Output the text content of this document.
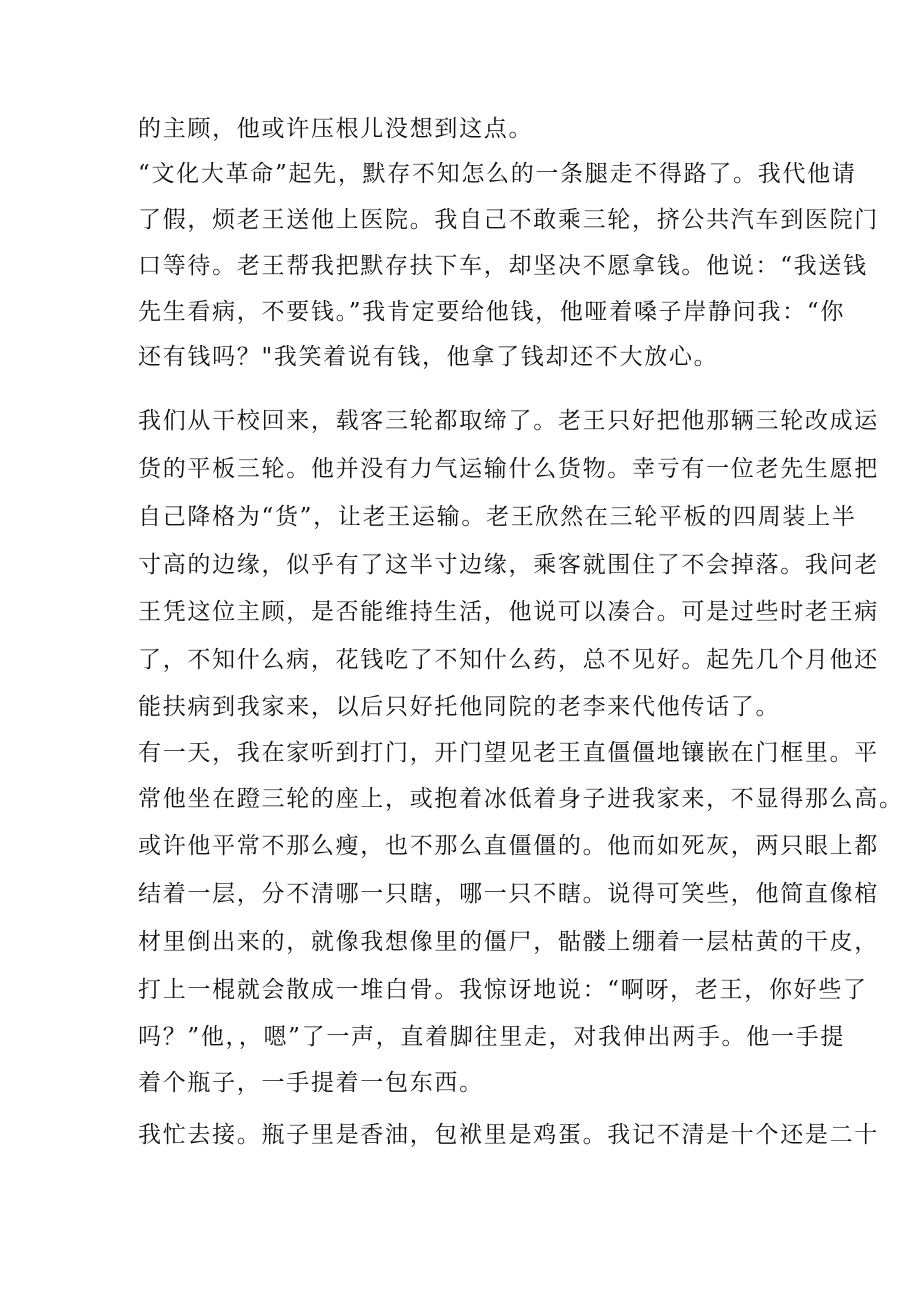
的主顾，他或许压根儿没想到这点。
“文化大革命”起先，默存不知怎么的一条腿走不得路了。我代他请
了假，烦老王送他上医院。我自己不敢乘三轮，挤公共汽车到医院门
口等待。老王帮我把默存扶下车，却坚决不愿拿钱。他说：“我送钱
先生看病，不要钱。”我肯定要给他钱，他哑着嗓子岸静问我：“你
还有钱吗？"我笑着说有钱，他拿了钱却还不大放心。
我们从干校回来，载客三轮都取缔了。老王只好把他那辆三轮改成运
货的平板三轮。他并没有力气运输什么货物。幸亏有一位老先生愿把
自己降格为“货”，让老王运输。老王欣然在三轮平板的四周装上半
寸高的边缘，似乎有了这半寸边缘，乘客就围住了不会掉落。我问老
王凭这位主顾，是否能维持生活，他说可以凑合。可是过些时老王病
了，不知什么病，花钱吃了不知什么药，总不见好。起先几个月他还
能扶病到我家来，以后只好托他同院的老李来代他传话了。
有一天，我在家听到打门，开门望见老王直僵僵地镶嵌在门框里。平
常他坐在蹬三轮的座上，或抱着冰低着身子进我家来，不显得那么高。
或许他平常不那么瘦，也不那么直僵僵的。他而如死灰，两只眼上都
结着一层，分不清哪一只瞎，哪一只不瞎。说得可笑些，他简直像棺
材里倒出来的，就像我想像里的僵尸，骷髅上绷着一层枯黄的干皮，
打上一棍就会散成一堆白骨。我惊讶地说：“啊呀，老王，你好些了
吗？”他，，嗯”了一声，直着脚往里走，对我伸出两手。他一手提
着个瓶子，一手提着一包东西。
我忙去接。瓶子里是香油，包袱里是鸡蛋。我记不清是十个还是二十
